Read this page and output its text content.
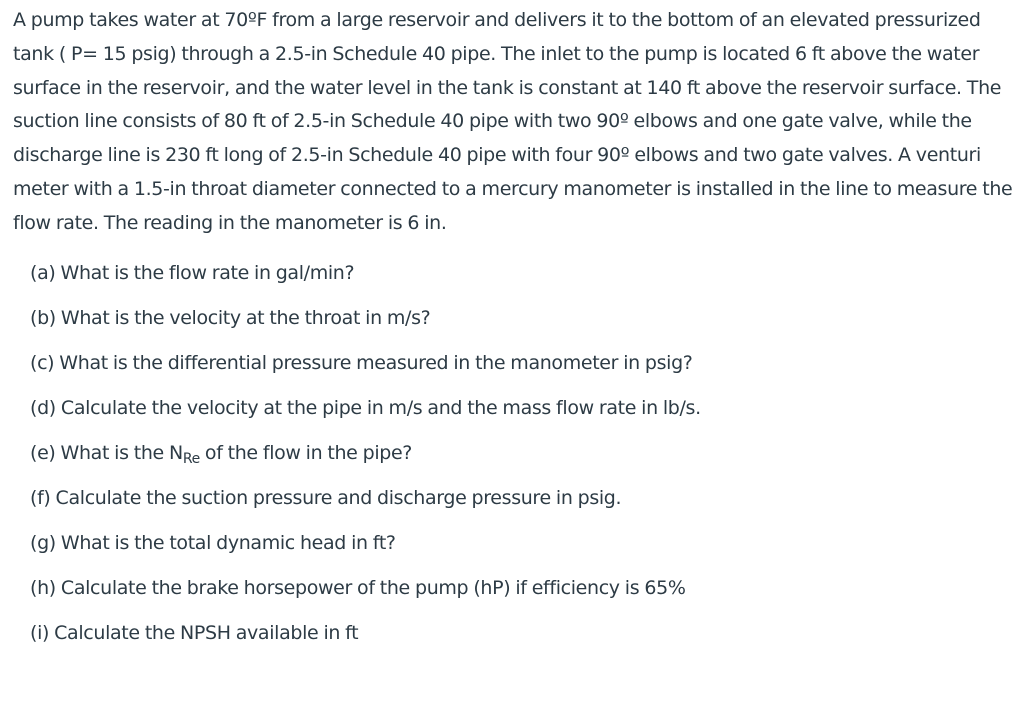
A pump takes water at 70ºF from a large reservoir and delivers it to the bottom of an elevated pressurized tank ( P= 15 psig) through a 2.5-in Schedule 40 pipe. The inlet to the pump is located 6 ft above the water surface in the reservoir, and the water level in the tank is constant at 140 ft above the reservoir surface. The suction line consists of 80 ft of 2.5-in Schedule 40 pipe with two 90º elbows and one gate valve, while the discharge line is 230 ft long of 2.5-in Schedule 40 pipe with four 90º elbows and two gate valves. A venturi meter with a 1.5-in throat diameter connected to a mercury manometer is installed in the line to measure the flow rate. The reading in the manometer is 6 in.

(a) What is the flow rate in gal/min?
(b) What is the velocity at the throat in m/s?
(c) What is the differential pressure measured in the manometer in psig?
(d) Calculate the velocity at the pipe in m/s and the mass flow rate in lb/s.
(e) What is the $N_{Re}$ of the flow in the pipe?
(f) Calculate the suction pressure and discharge pressure in psig.
(g) What is the total dynamic head in ft?
(h) Calculate the brake horsepower of the pump (hP) if efficiency is 65%
(i) Calculate the NPSH available in ft
